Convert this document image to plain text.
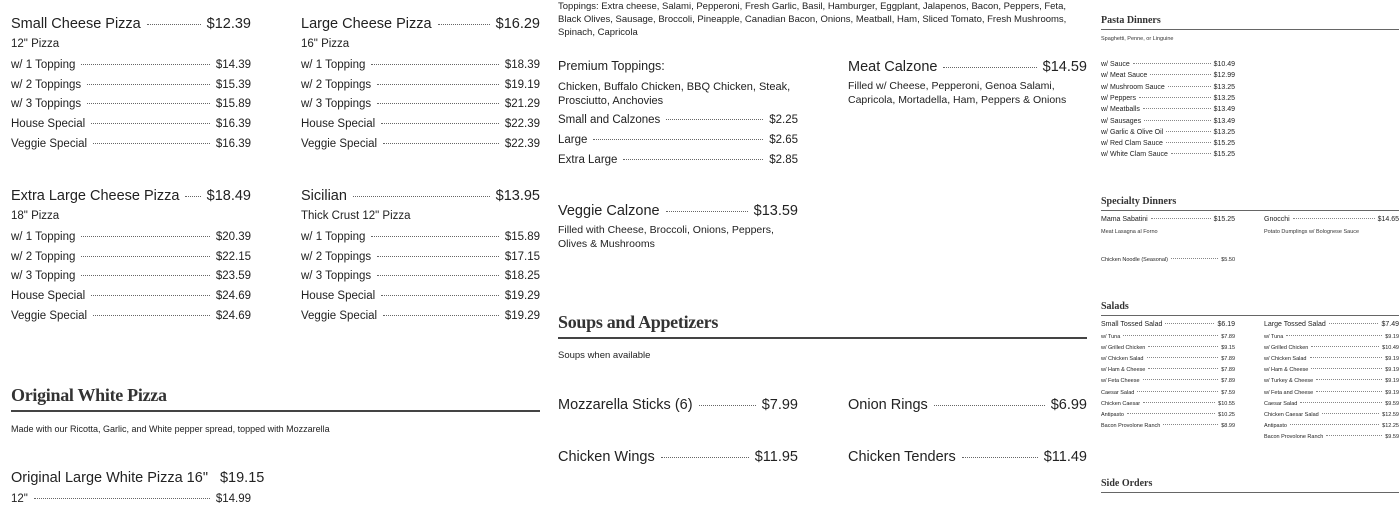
Small Cheese Pizza	$12.39
12" Pizza
Extra Large Cheese Pizza $18.49
18" Pizza
Original White Pizza
Made with our Ricotta, Garlic, and White pepper spread, topped with Mozzarella
Original Large White Pizza 16" $19.15
12"	$14.99
Large Cheese Pizza	$16.29
16" Pizza
Sicilian	$13.95
Thick Crust 12" Pizza
Toppings: Extra cheese, Salami, Pepperoni, Fresh Garlic, Basil, Hamburger, Eggplant, Jalapenos, Bacon, Peppers, Feta, Black Olives, Sausage, Broccoli, Pineapple, Canadian Bacon, Onions, Meatball, Ham, Sliced Tomato, Fresh Mushrooms, Spinach, Capricola
Premium Toppings:
Chicken, Buffalo Chicken, BBQ Chicken, Steak, Prosciutto, Anchovies
Veggie Calzone	$13.59
Filled with Cheese, Broccoli, Onions, Peppers, Olives & Mushrooms
Soups and Appetizers
Soups when available
Mozzarella Sticks (6)	$7.99
Chicken Wings	$11.95
Meat Calzone	$14.59
Filled w/ Cheese, Pepperoni, Genoa Salami, Capricola, Mortadella, Ham, Peppers & Onions
Onion Rings	$6.99
Chicken Tenders	$11.49
Pasta Dinners
Spaghetti, Penne, or Linguine
Specialty Dinners
Mama Sabatini	$15.25
Meat Lasagna al Forno
Gnocchi	$14.65
Potato Dumplings w/ Bolognese Sauce
Chicken Noodle (Seasonal)	$5.50
Salads
Small Tossed Salad	$6.19	Large Tossed Salad	$7.49
Side Orders
w/ 1 Topping	$14.39
w/ 2 Toppings	$15.39
w/ 3 Toppings	$15.89
House Special	$16.39
Veggie Special	$16.39
w/ 1 Topping	$20.39
w/ 2 Topping	$22.15
w/ 3 Topping	$23.59
House Special	$24.69
Veggie Special	$24.69
w/ 1 Topping	$18.39
w/ 2 Toppings	$19.19
w/ 3 Toppings	$21.29
House Special	$22.39
Veggie Special	$22.39
w/ 1 Topping	$15.89
w/ 2 Toppings	$17.15
w/ 3 Toppings	$18.25
House Special	$19.29
Veggie Special	$19.29
Small and Calzones	$2.25
Large	$2.65
Extra Large	$2.85
w/ Sauce	$10.49
w/ Meat Sauce	$12.99
w/ Mushroom Sauce	$13.25
w/ Peppers	$13.25
w/ Meatballs	$13.49
w/ Sausages	$13.49
w/ Garlic & Olive Oil	$13.25
w/ Red Clam Sauce	$15.25
w/ White Clam Sauce	$15.25
w/ Tuna	$7.89
w/ Grilled Chicken	$9.15
w/ Chicken Salad	$7.89
w/ Ham & Cheese	$7.89
w/ Feta Cheese	$7.89
Caesar Salad	$7.59
Chicken Caesar	$10.55
Antipasto	$10.25
Bacon Provolone Ranch	$8.99
w/ Tuna	$9.19
w/ Grilled Chicken	$10.49
w/ Chicken Salad	$9.19
w/ Ham & Cheese	$9.19
w/ Turkey & Cheese	$9.19
w/ Feta and Cheese	$9.19
Caesar Salad	$9.59
Chicken Caesar Salad	$12.59
Antipasto	$12.25
Bacon Provolone Ranch	$9.59
